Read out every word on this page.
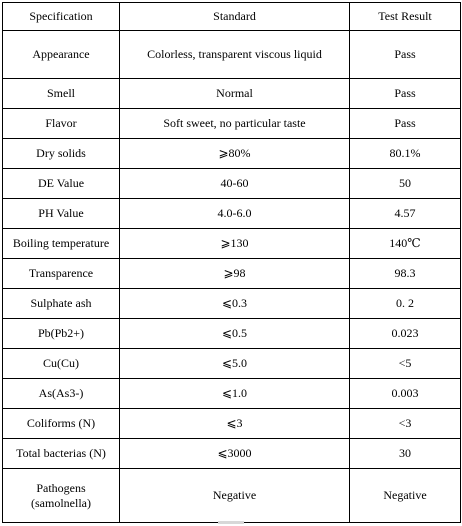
Specification	Standard	Test Result
Appearance	Colorless, transparent viscous liquid	Pass
Smell	Normal	Pass
Flavor	Soft sweet, no particular taste	Pass
Dry solids	⩾80%	80.1%
DE Value	40-60	50
PH Value	4.0-6.0	4.57
Boiling temperature	⩾130	140℃
Transparence	⩾98	98.3
Sulphate ash	⩽0.3	0. 2
Pb(Pb2+)	⩽0.5	0.023
Cu(Cu)	⩽5.0	<5
As(As3-)	⩽1.0	0.003
Coliforms (N)	⩽3	<3
Total bacterias (N)	⩽3000	30
Pathogens (samolnella)	Negative	Negative
